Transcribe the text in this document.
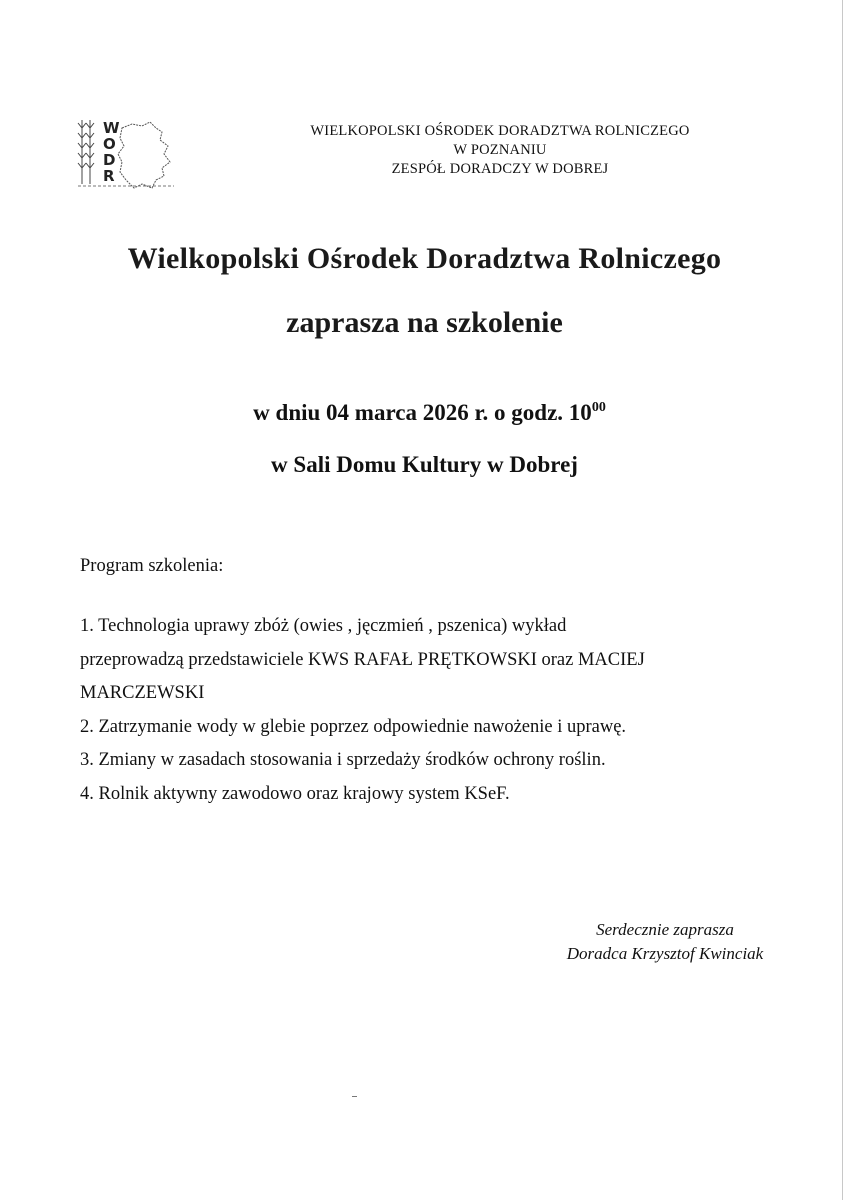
W
O
D
R
WIELKOPOLSKI OŚRODEK DORADZTWA ROLNICZEGO
W POZNANIU
ZESPÓŁ DORADCZY W DOBREJ
Wielkopolski Ośrodek Doradztwa Rolniczego
zaprasza na szkolenie
w dniu 04 marca 2026 r. o godz. $10^{00}$
w Sali Domu Kultury w Dobrej
Program szkolenia:
1. Technologia uprawy zbóż (owies , jęczmień , pszenica) wykład
przeprowadzą przedstawiciele KWS RAFAŁ PRĘTKOWSKI oraz MACIEJ
MARCZEWSKI
2. Zatrzymanie wody w glebie poprzez odpowiednie nawożenie i uprawę.
3. Zmiany w zasadach stosowania i sprzedaży środków ochrony roślin.
4. Rolnik aktywny zawodowo oraz krajowy system KSeF.
Serdecznie zaprasza
Doradca Krzysztof Kwinciak
